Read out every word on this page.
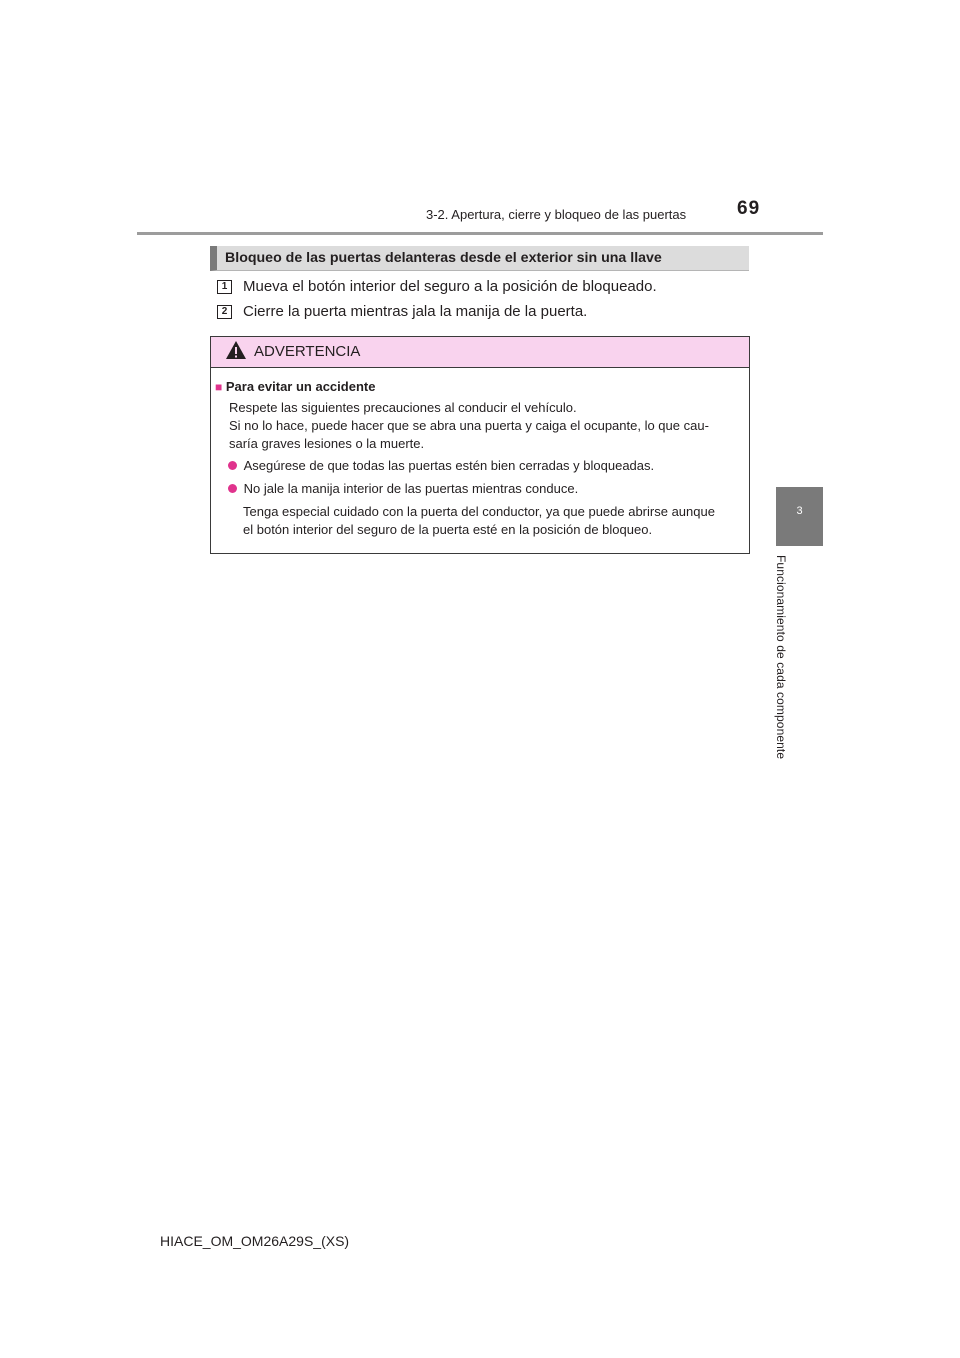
3-2. Apertura, cierre y bloqueo de las puertas	69
3
Funcionamiento de cada componente
Bloqueo de las puertas delanteras desde el exterior sin una llave
1	Mueva el botón interior del seguro a la posición de bloqueado.
2	Cierre la puerta mientras jala la manija de la puerta.
ADVERTENCIA
■ Para evitar un accidente
Respete las siguientes precauciones al conducir el vehículo.
Si no lo hace, puede hacer que se abra una puerta y caiga el ocupante, lo que cau-
saría graves lesiones o la muerte.
Asegúrese de que todas las puertas estén bien cerradas y bloqueadas.
No jale la manija interior de las puertas mientras conduce.
Tenga especial cuidado con la puerta del conductor, ya que puede abrirse aunque
el botón interior del seguro de la puerta esté en la posición de bloqueo.
HIACE_OM_OM26A29S_(XS)
